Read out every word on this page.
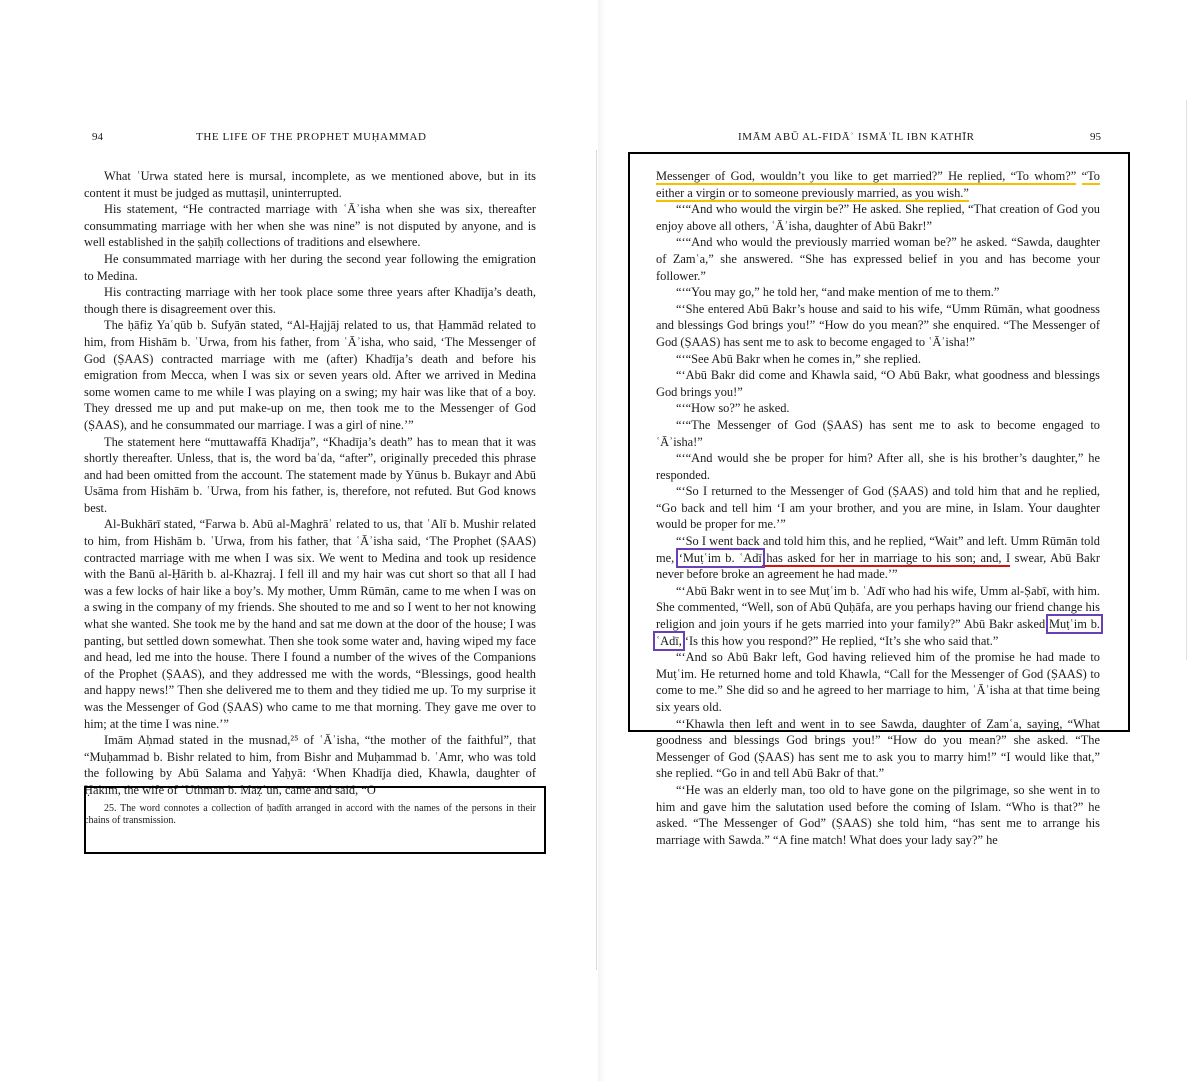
94	THE LIFE OF THE PROPHET MUḤAMMAD

What ʿUrwa stated here is mursal, incomplete, as we mentioned above, but in its content it must be judged as muttaṣil, uninterrupted.

His statement, “He contracted marriage with ʿĀʾisha when she was six, thereafter consummating marriage with her when she was nine” is not disputed by anyone, and is well established in the ṣaḥīḥ collections of traditions and elsewhere.

He consummated marriage with her during the second year following the emigration to Medina.

His contracting marriage with her took place some three years after Khadīja’s death, though there is disagreement over this.

The ḥāfiẓ Yaʿqūb b. Sufyān stated, “Al-Ḥajjāj related to us, that Ḥammād related to him, from Hishām b. ʿUrwa, from his father, from ʿĀʾisha, who said, ‘The Messenger of God (ṢAAS) contracted marriage with me (after) Khadīja’s death and before his emigration from Mecca, when I was six or seven years old. After we arrived in Medina some women came to me while I was playing on a swing; my hair was like that of a boy. They dressed me up and put make-up on me, then took me to the Messenger of God (ṢAAS), and he consummated our marriage. I was a girl of nine.’”

The statement here “muttawaffā Khadīja”, “Khadīja’s death” has to mean that it was shortly thereafter. Unless, that is, the word baʿda, “after”, originally preceded this phrase and had been omitted from the account. The statement made by Yūnus b. Bukayr and Abū Usāma from Hishām b. ʿUrwa, from his father, is, therefore, not refuted. But God knows best.

Al-Bukhārī stated, “Farwa b. Abū al-Maghrāʾ related to us, that ʿAlī b. Mushir related to him, from Hishām b. ʿUrwa, from his father, that ʿĀʾisha said, ‘The Prophet (ṢAAS) contracted marriage with me when I was six. We went to Medina and took up residence with the Banū al-Ḥārith b. al-Khazraj. I fell ill and my hair was cut short so that all I had was a few locks of hair like a boy’s. My mother, Umm Rūmān, came to me when I was on a swing in the company of my friends. She shouted to me and so I went to her not knowing what she wanted. She took me by the hand and sat me down at the door of the house; I was panting, but settled down somewhat. Then she took some water and, having wiped my face and head, led me into the house. There I found a number of the wives of the Companions of the Prophet (ṢAAS), and they addressed me with the words, “Blessings, good health and happy news!” Then she delivered me to them and they tidied me up. To my surprise it was the Messenger of God (ṢAAS) who came to me that morning. They gave me over to him; at the time I was nine.’”

Imām Aḥmad stated in the musnad,²⁵ of ʿĀʾisha, “the mother of the faithful”, that “Muḥammad b. Bishr related to him, from Bishr and Muḥammad b. ʿAmr, who was told the following by Abū Salama and Yaḥyā: ‘When Khadīja died, Khawla, daughter of Ḥakīm, the wife of ʿUthmān b. Maẓʿūn, came and said, “O

25. The word connotes a collection of ḥadīth arranged in accord with the names of the persons in their chains of transmission.

IMĀM ABŪ AL-FIDĀʾ ISMĀʿĪL IBN KATHĪR	95

Messenger of God, wouldn’t you like to get married?” He replied, “To whom?” “To either a virgin or to someone previously married, as you wish.”

“‘“And who would the virgin be?” He asked. She replied, “That creation of God you enjoy above all others, ʿĀʾisha, daughter of Abū Bakr!”

“‘“And who would the previously married woman be?” he asked. “Sawda, daughter of Zamʿa,” she answered. “She has expressed belief in you and has become your follower.”

“‘“You may go,” he told her, “and make mention of me to them.”

“‘She entered Abū Bakr’s house and said to his wife, “Umm Rūmān, what goodness and blessings God brings you!” “How do you mean?” she enquired. “The Messenger of God (ṢAAS) has sent me to ask to become engaged to ʿĀʾisha!”

“‘“See Abū Bakr when he comes in,” she replied.

“‘Abū Bakr did come and Khawla said, “O Abū Bakr, what goodness and blessings God brings you!”

“‘“How so?” he asked.

“‘“The Messenger of God (ṢAAS) has sent me to ask to become engaged to ʿĀʾisha!”

“‘“And would she be proper for him? After all, she is his brother’s daughter,” he responded.

“‘So I returned to the Messenger of God (ṢAAS) and told him that and he replied, “Go back and tell him ‘I am your brother, and you are mine, in Islam. Your daughter would be proper for me.’”

“‘So I went back and told him this, and he replied, “Wait” and left. Umm Rūmān told me, ‘Muṭʿim b. ʿAdī has asked for her in marriage to his son; and, I swear, Abū Bakr never before broke an agreement he had made.’”

“‘Abū Bakr went in to see Muṭʿim b. ʿAdī who had his wife, Umm al-Ṣabī, with him. She commented, “Well, son of Abū Quḥāfa, are you perhaps having our friend change his religion and join yours if he gets married into your family?” Abū Bakr asked Muṭʿim b. ʿAdī, ‘Is this how you respond?” He replied, “It’s she who said that.”

“‘And so Abū Bakr left, God having relieved him of the promise he had made to Muṭʿim. He returned home and told Khawla, “Call for the Messenger of God (ṢAAS) to come to me.” She did so and he agreed to her marriage to him, ʿĀʾisha at that time being six years old.

“‘Khawla then left and went in to see Sawda, daughter of Zamʿa, saying, “What goodness and blessings God brings you!” “How do you mean?” she asked. “The Messenger of God (ṢAAS) has sent me to ask you to marry him!” “I would like that,” she replied. “Go in and tell Abū Bakr of that.”

“‘He was an elderly man, too old to have gone on the pilgrimage, so she went in to him and gave him the salutation used before the coming of Islam. “Who is that?” he asked. “The Messenger of God” (ṢAAS) she told him, “has sent me to arrange his marriage with Sawda.” “A fine match! What does your lady say?” he
